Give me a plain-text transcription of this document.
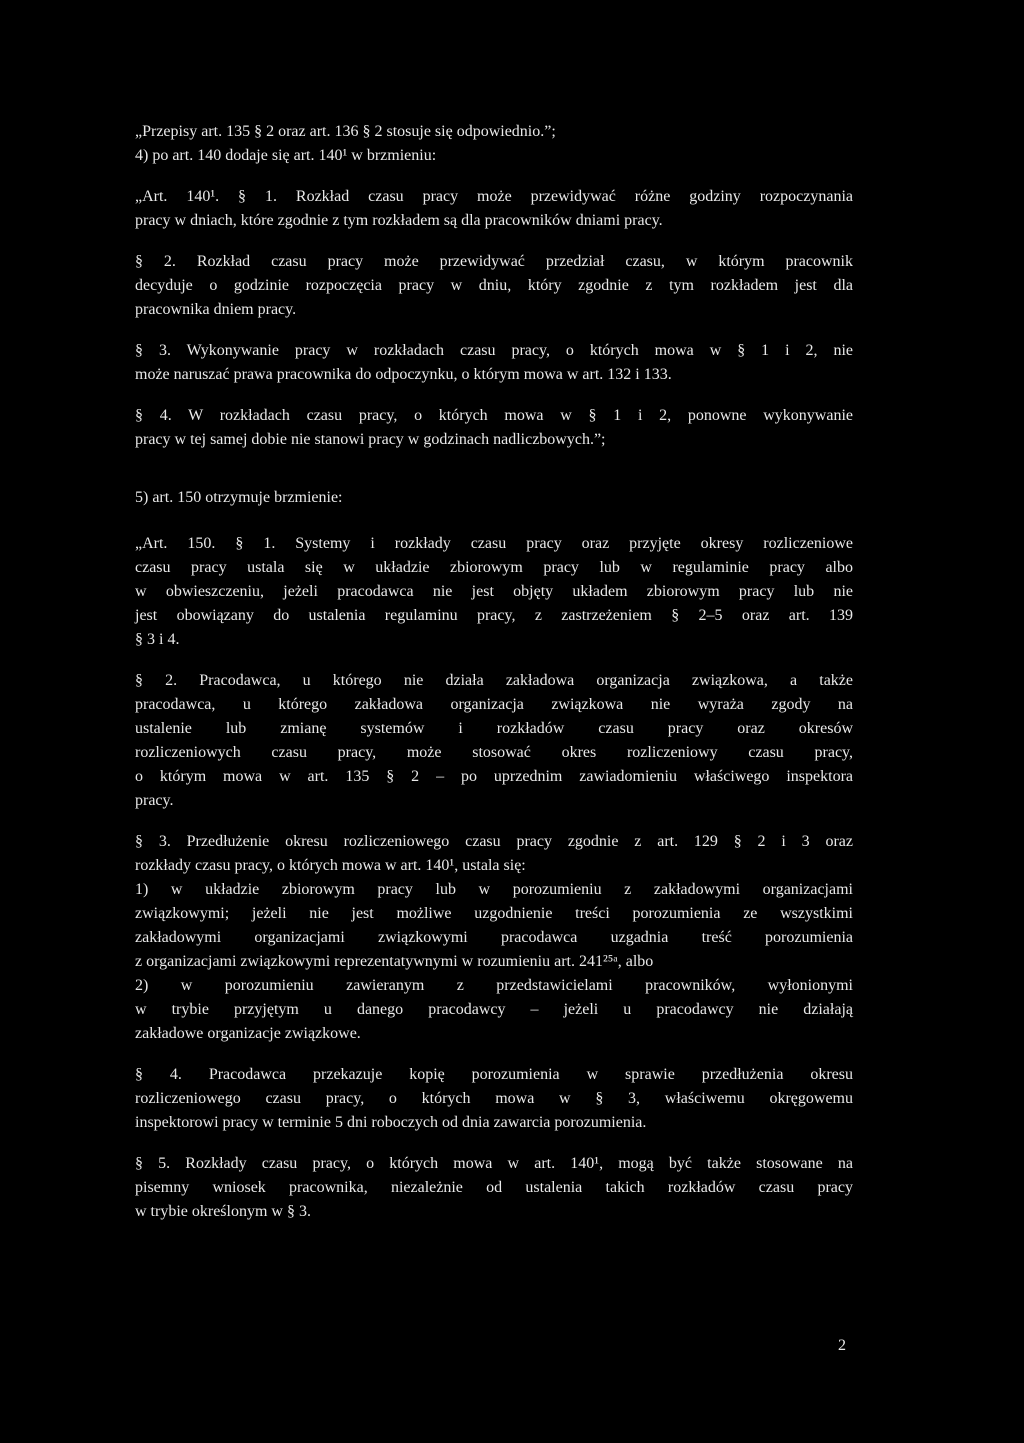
„Przepisy art. 135 § 2 oraz art. 136 § 2 stosuje się odpowiednio.”;
4) po art. 140 dodaje się art. 140¹ w brzmieniu:
„Art. 140¹. § 1. Rozkład czasu pracy może przewidywać różne godziny rozpoczynania
pracy w dniach, które zgodnie z tym rozkładem są dla pracowników dniami pracy.
§ 2. Rozkład czasu pracy może przewidywać przedział czasu, w którym pracownik
decyduje o godzinie rozpoczęcia pracy w dniu, który zgodnie z tym rozkładem jest dla
pracownika dniem pracy.
§ 3. Wykonywanie pracy w rozkładach czasu pracy, o których mowa w § 1 i 2, nie
może naruszać prawa pracownika do odpoczynku, o którym mowa w art. 132 i 133.
§ 4. W rozkładach czasu pracy, o których mowa w § 1 i 2, ponowne wykonywanie
pracy w tej samej dobie nie stanowi pracy w godzinach nadliczbowych.”;
5) art. 150 otrzymuje brzmienie:
„Art. 150. § 1. Systemy i rozkłady czasu pracy oraz przyjęte okresy rozliczeniowe
czasu pracy ustala się w układzie zbiorowym pracy lub w regulaminie pracy albo
w obwieszczeniu, jeżeli pracodawca nie jest objęty układem zbiorowym pracy lub nie
jest obowiązany do ustalenia regulaminu pracy, z zastrzeżeniem § 2–5 oraz art. 139
§ 3 i 4.
§ 2. Pracodawca, u którego nie działa zakładowa organizacja związkowa, a także
pracodawca, u którego zakładowa organizacja związkowa nie wyraża zgody na
ustalenie lub zmianę systemów i rozkładów czasu pracy oraz okresów
rozliczeniowych czasu pracy, może stosować okres rozliczeniowy czasu pracy,
o którym mowa w art. 135 § 2 – po uprzednim zawiadomieniu właściwego inspektora
pracy.
§ 3. Przedłużenie okresu rozliczeniowego czasu pracy zgodnie z art. 129 § 2 i 3 oraz
rozkłady czasu pracy, o których mowa w art. 140¹, ustala się:
1) w układzie zbiorowym pracy lub w porozumieniu z zakładowymi organizacjami
związkowymi; jeżeli nie jest możliwe uzgodnienie treści porozumienia ze wszystkimi
zakładowymi organizacjami związkowymi pracodawca uzgadnia treść porozumienia
z organizacjami związkowymi reprezentatywnymi w rozumieniu art. 241²⁵ᵃ, albo
2) w porozumieniu zawieranym z przedstawicielami pracowników, wyłonionymi
w trybie przyjętym u danego pracodawcy – jeżeli u pracodawcy nie działają
zakładowe organizacje związkowe.
§ 4. Pracodawca przekazuje kopię porozumienia w sprawie przedłużenia okresu
rozliczeniowego czasu pracy, o których mowa w § 3, właściwemu okręgowemu
inspektorowi pracy w terminie 5 dni roboczych od dnia zawarcia porozumienia.
§ 5. Rozkłady czasu pracy, o których mowa w art. 140¹, mogą być także stosowane na
pisemny wniosek pracownika, niezależnie od ustalenia takich rozkładów czasu pracy
w trybie określonym w § 3.
2
